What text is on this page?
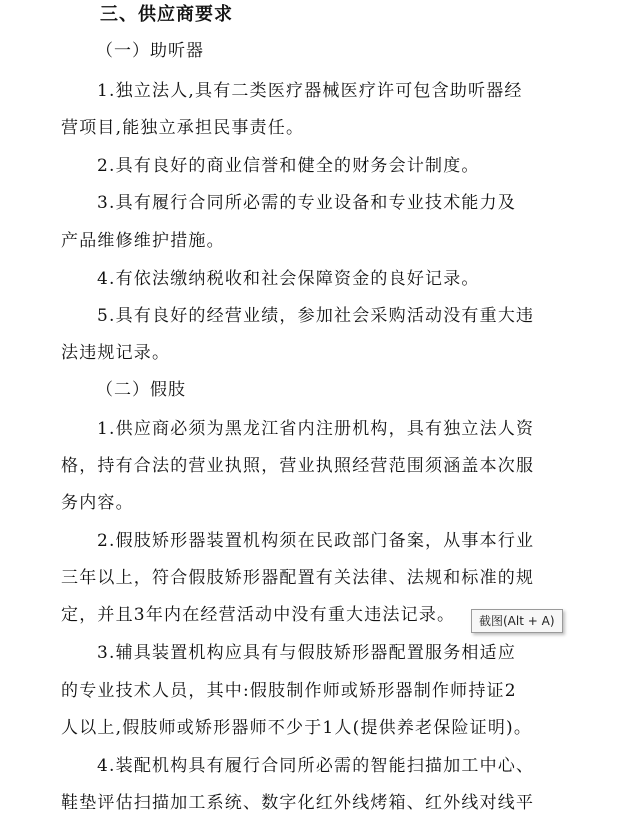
三、供应商要求
（一）助听器
1.独立法人,具有二类医疗器械医疗许可包含助听器经
营项目,能独立承担民事责任。
2.具有良好的商业信誉和健全的财务会计制度。
3.具有履行合同所必需的专业设备和专业技术能力及
产品维修维护措施。
4.有依法缴纳税收和社会保障资金的良好记录。
5.具有良好的经营业绩，参加社会采购活动没有重大违
法违规记录。
（二）假肢
1.供应商必须为黑龙江省内注册机构，具有独立法人资
格，持有合法的营业执照，营业执照经营范围须涵盖本次服
务内容。
2.假肢矫形器装置机构须在民政部门备案，从事本行业
三年以上，符合假肢矫形器配置有关法律、法规和标准的规
定，并且3年内在经营活动中没有重大违法记录。
3.辅具装置机构应具有与假肢矫形器配置服务相适应
的专业技术人员，其中:假肢制作师或矫形器制作师持证2
人以上,假肢师或矫形器师不少于1人(提供养老保险证明)。
4.装配机构具有履行合同所必需的智能扫描加工中心、
鞋垫评估扫描加工系统、数字化红外线烤箱、红外线对线平
截图(Alt + A)
